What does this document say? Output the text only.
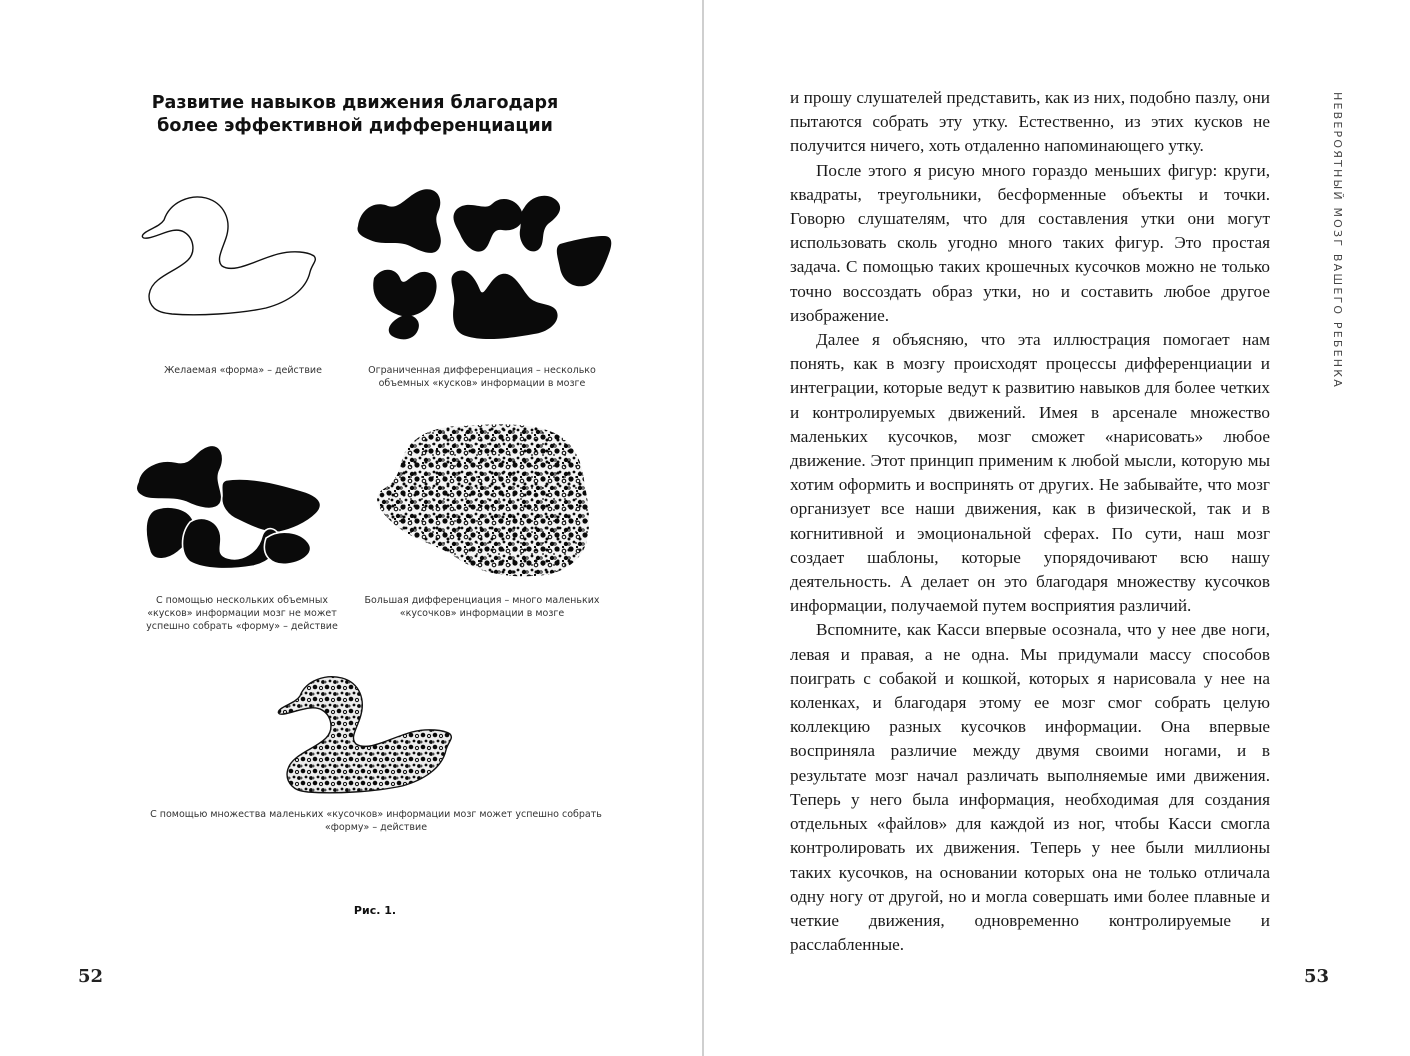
Развитие навыков движения благодаря более эффективной дифференциации
Желаемая «форма» – действие	Ограниченная дифференциация – несколько объемных «кусков» информации в мозге
С помощью нескольких объемных «кусков» информации мозг не может успешно собрать «форму» – действие
Большая дифференциация – много маленьких «кусочков» информации в мозге
С помощью множества маленьких «кусочков» информации мозг может успешно собрать «форму» – действие
Рис. 1.
52

и прошу слушателей представить, как из них, подобно пазлу, они пытаются собрать эту утку. Естественно, из этих кусков не получится ничего, хоть отдаленно напоминающего утку.

После этого я рисую много гораздо меньших фигур: круги, квадраты, треугольники, бесформенные объекты и точки. Говорю слушателям, что для составления утки они могут использовать сколь угодно много таких фигур. Это простая задача. С помощью таких крошечных кусочков можно не только точно воссоздать образ утки, но и составить любое другое изображение.

Далее я объясняю, что эта иллюстрация помогает нам понять, как в мозгу происходят процессы дифференциации и интеграции, которые ведут к развитию навыков для более четких и контролируемых движений. Имея в арсенале множество маленьких кусочков, мозг сможет «нарисовать» любое движение. Этот принцип применим к любой мысли, которую мы хотим оформить и воспринять от других. Не забывайте, что мозг организует все наши движения, как в физической, так и в когнитивной и эмоциональной сферах. По сути, наш мозг создает шаблоны, которые упорядочивают всю нашу деятельность. А делает он это благодаря множеству кусочков информации, получаемой путем восприятия различий.

Вспомните, как Касси впервые осознала, что у нее две ноги, левая и правая, а не одна. Мы придумали массу способов поиграть с собакой и кошкой, которых я нарисовала у нее на коленках, и благодаря этому ее мозг смог собрать целую коллекцию разных кусочков информации. Она впервые восприняла различие между двумя своими ногами, и в результате мозг начал различать выполняемые ими движения. Теперь у него была информация, необходимая для создания отдельных «файлов» для каждой из ног, чтобы Касси смогла контролировать их движения. Теперь у нее были миллионы таких кусочков, на основании которых она не только отличала одну ногу от другой, но и могла совершать ими более плавные и четкие движения, одновременно контролируемые и расслабленные.

НЕВЕРОЯТНЫЙ МОЗГ ВАШЕГО РЕБЕНКА
53
